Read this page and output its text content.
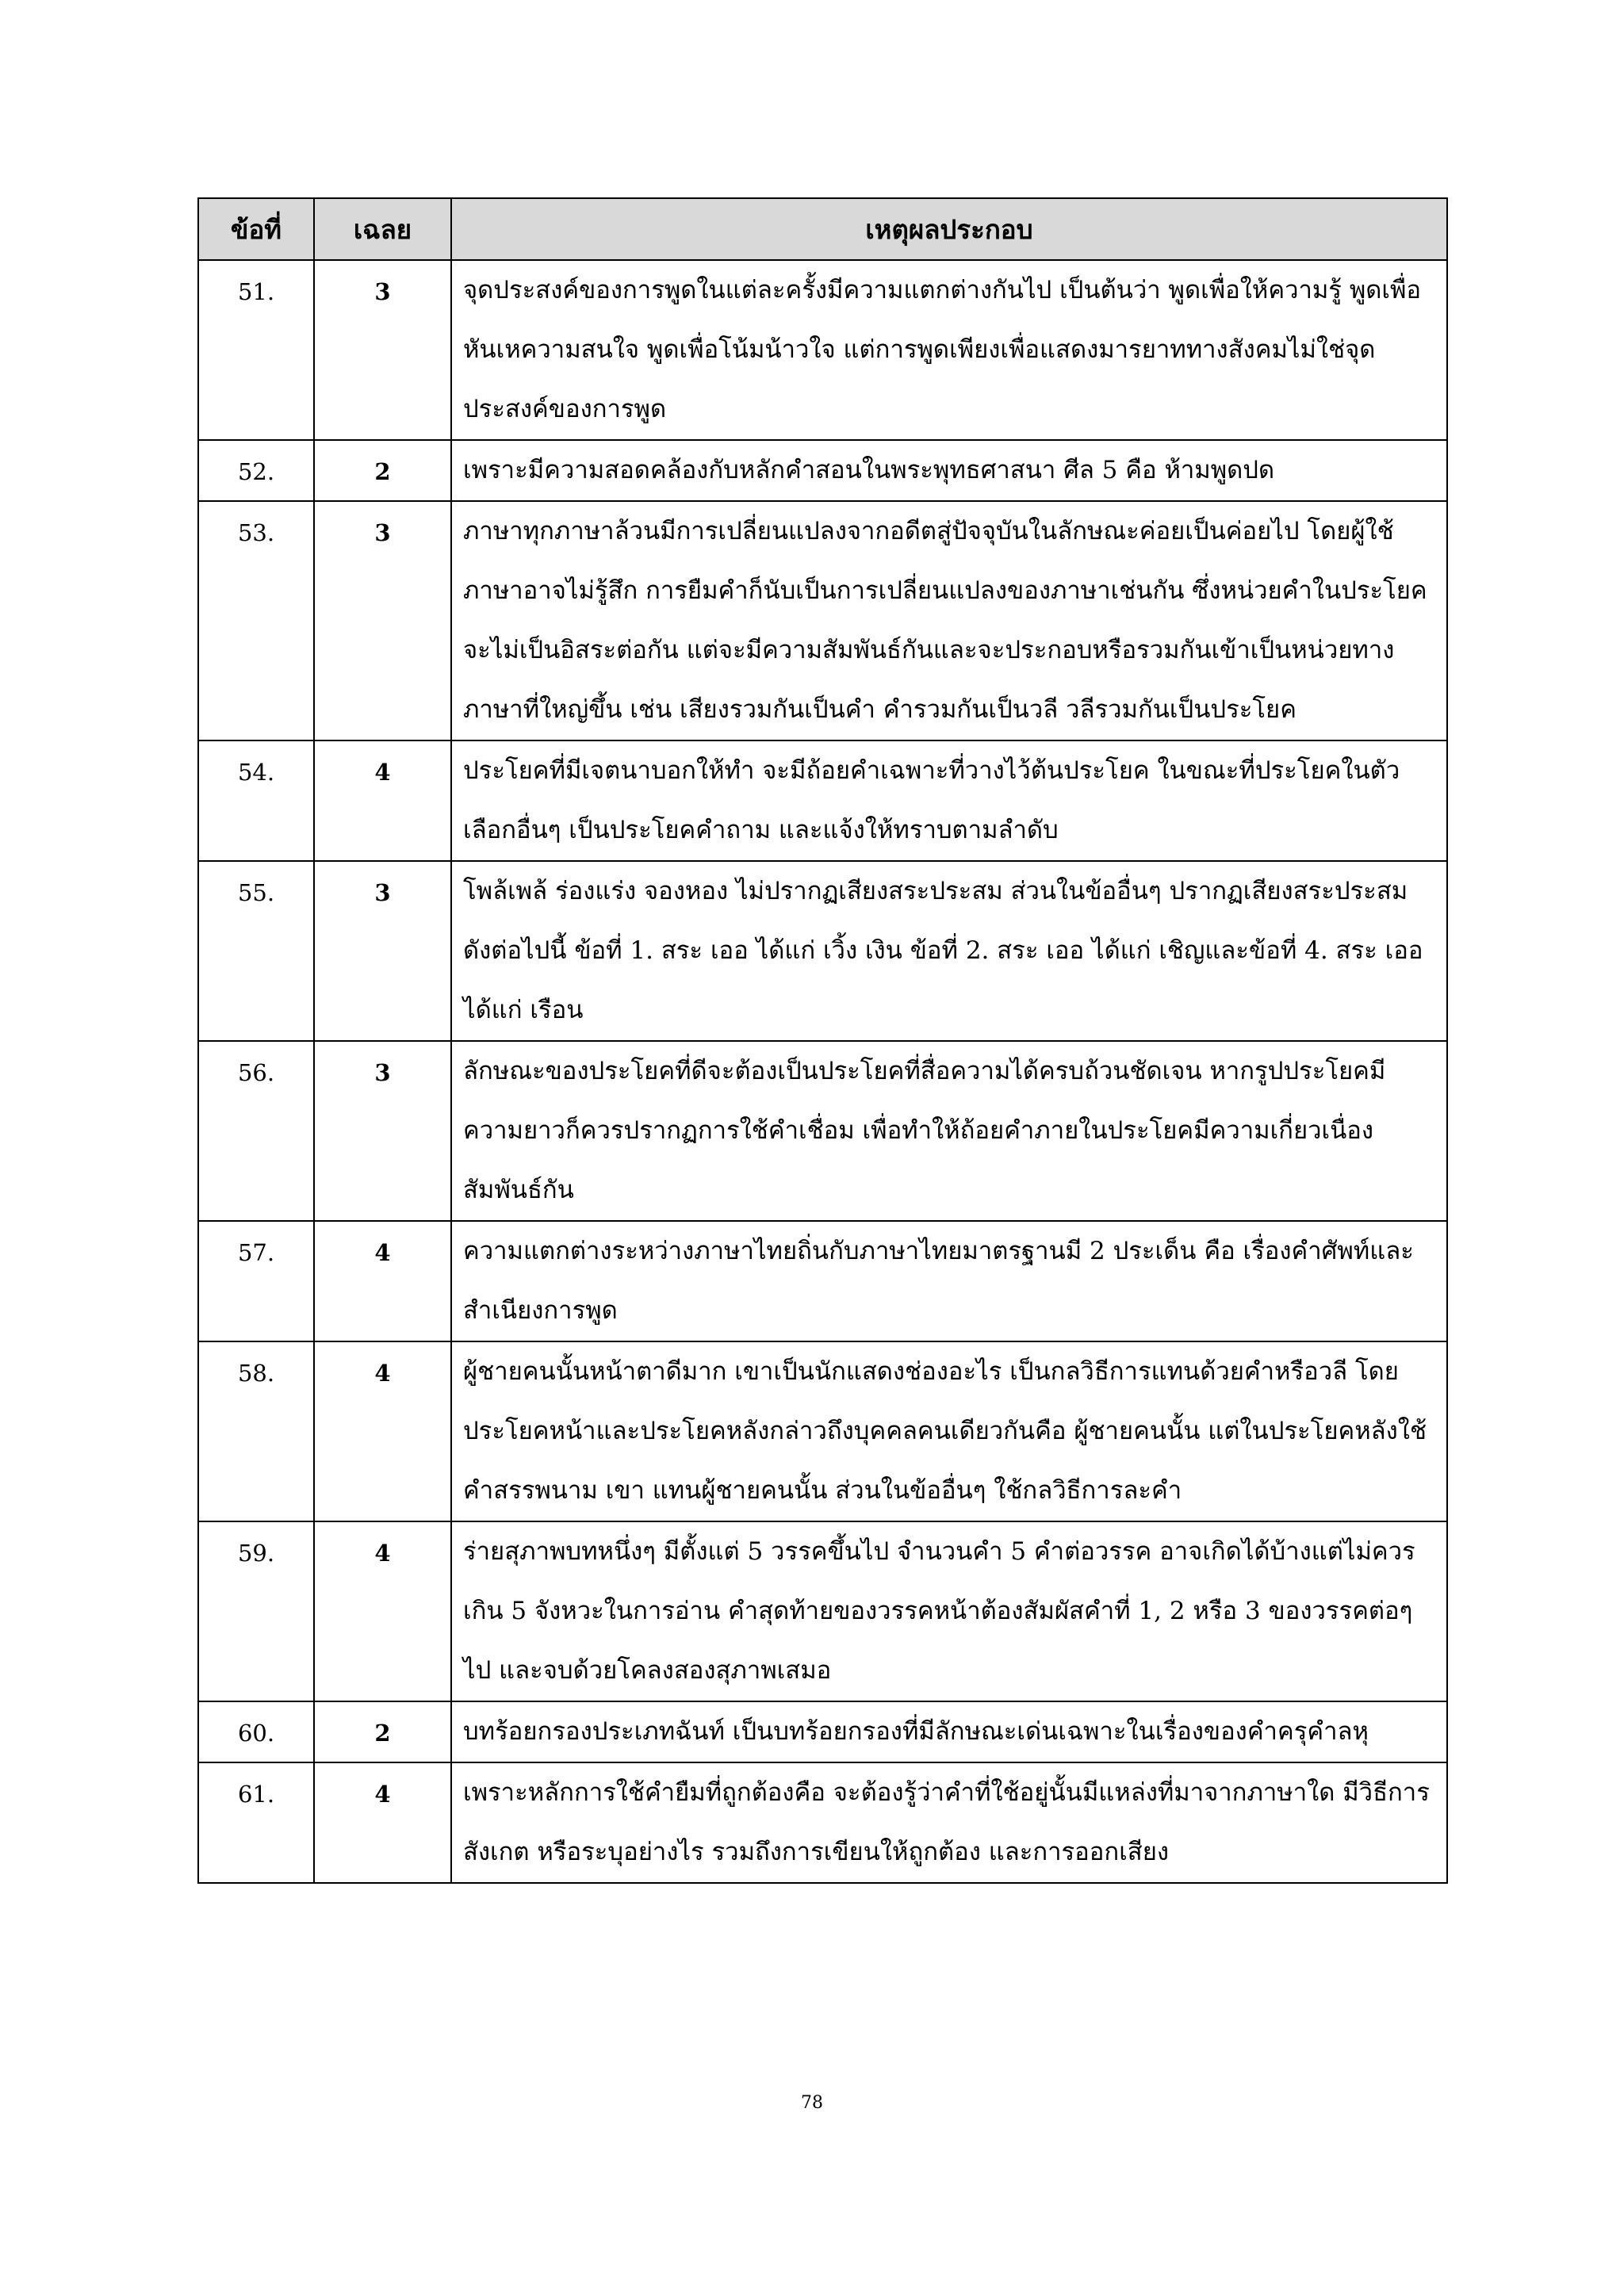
ข้อที่	เฉลย	เหตุผลประกอบ
51.	3	จุดประสงค์ของการพูดในแต่ละครั้งมีความแตกต่างกันไป เป็นต้นว่า พูดเพื่อให้ความรู้ พูดเพื่อหันเหความสนใจ พูดเพื่อโน้มน้าวใจ แต่การพูดเพียงเพื่อแสดงมารยาททางสังคมไม่ใช่จุดประสงค์ของการพูด
52.	2	เพราะมีความสอดคล้องกับหลักคำสอนในพระพุทธศาสนา ศีล 5 คือ ห้ามพูดปด
53.	3	ภาษาทุกภาษาล้วนมีการเปลี่ยนแปลงจากอดีตสู่ปัจจุบันในลักษณะค่อยเป็นค่อยไป โดยผู้ใช้ภาษาอาจไม่รู้สึก การยืมคำก็นับเป็นการเปลี่ยนแปลงของภาษาเช่นกัน ซึ่งหน่วยคำในประโยคจะไม่เป็นอิสระต่อกัน แต่จะมีความสัมพันธ์กันและจะประกอบหรือรวมกันเข้าเป็นหน่วยทางภาษาที่ใหญ่ขึ้น เช่น เสียงรวมกันเป็นคำ คำรวมกันเป็นวลี วลีรวมกันเป็นประโยค
54.	4	ประโยคที่มีเจตนาบอกให้ทำ จะมีถ้อยคำเฉพาะที่วางไว้ต้นประโยค ในขณะที่ประโยคในตัวเลือกอื่นๆ เป็นประโยคคำถาม และแจ้งให้ทราบตามลำดับ
55.	3	โพล้เพล้ ร่องแร่ง จองหอง ไม่ปรากฏเสียงสระประสม ส่วนในข้ออื่นๆ ปรากฏเสียงสระประสม ดังต่อไปนี้ ข้อที่ 1. สระ เออ ได้แก่ เวิ้ง เงิน ข้อที่ 2. สระ เออ ได้แก่ เชิญและข้อที่ 4. สระ เออ ได้แก่ เรือน
56.	3	ลักษณะของประโยคที่ดีจะต้องเป็นประโยคที่สื่อความได้ครบถ้วนชัดเจน หากรูปประโยคมีความยาวก็ควรปรากฏการใช้คำเชื่อม เพื่อทำให้ถ้อยคำภายในประโยคมีความเกี่ยวเนื่องสัมพันธ์กัน
57.	4	ความแตกต่างระหว่างภาษาไทยถิ่นกับภาษาไทยมาตรฐานมี 2 ประเด็น คือ เรื่องคำศัพท์และสำเนียงการพูด
58.	4	ผู้ชายคนนั้นหน้าตาดีมาก เขาเป็นนักแสดงช่องอะไร เป็นกลวิธีการแทนด้วยคำหรือวลี โดยประโยคหน้าและประโยคหลังกล่าวถึงบุคคลคนเดียวกันคือ ผู้ชายคนนั้น แต่ในประโยคหลังใช้คำสรรพนาม เขา แทนผู้ชายคนนั้น ส่วนในข้ออื่นๆ ใช้กลวิธีการละคำ
59.	4	ร่ายสุภาพบทหนึ่งๆ มีตั้งแต่ 5 วรรคขึ้นไป จำนวนคำ 5 คำต่อวรรค อาจเกิดได้บ้างแต่ไม่ควรเกิน 5 จังหวะในการอ่าน คำสุดท้ายของวรรคหน้าต้องสัมผัสคำที่ 1, 2 หรือ 3 ของวรรคต่อๆ ไป และจบด้วยโคลงสองสุภาพเสมอ
60.	2	บทร้อยกรองประเภทฉันท์ เป็นบทร้อยกรองที่มีลักษณะเด่นเฉพาะในเรื่องของคำครุคำลหุ
61.	4	เพราะหลักการใช้คำยืมที่ถูกต้องคือ จะต้องรู้ว่าคำที่ใช้อยู่นั้นมีแหล่งที่มาจากภาษาใด มีวิธีการสังเกต หรือระบุอย่างไร รวมถึงการเขียนให้ถูกต้อง และการออกเสียง
78
